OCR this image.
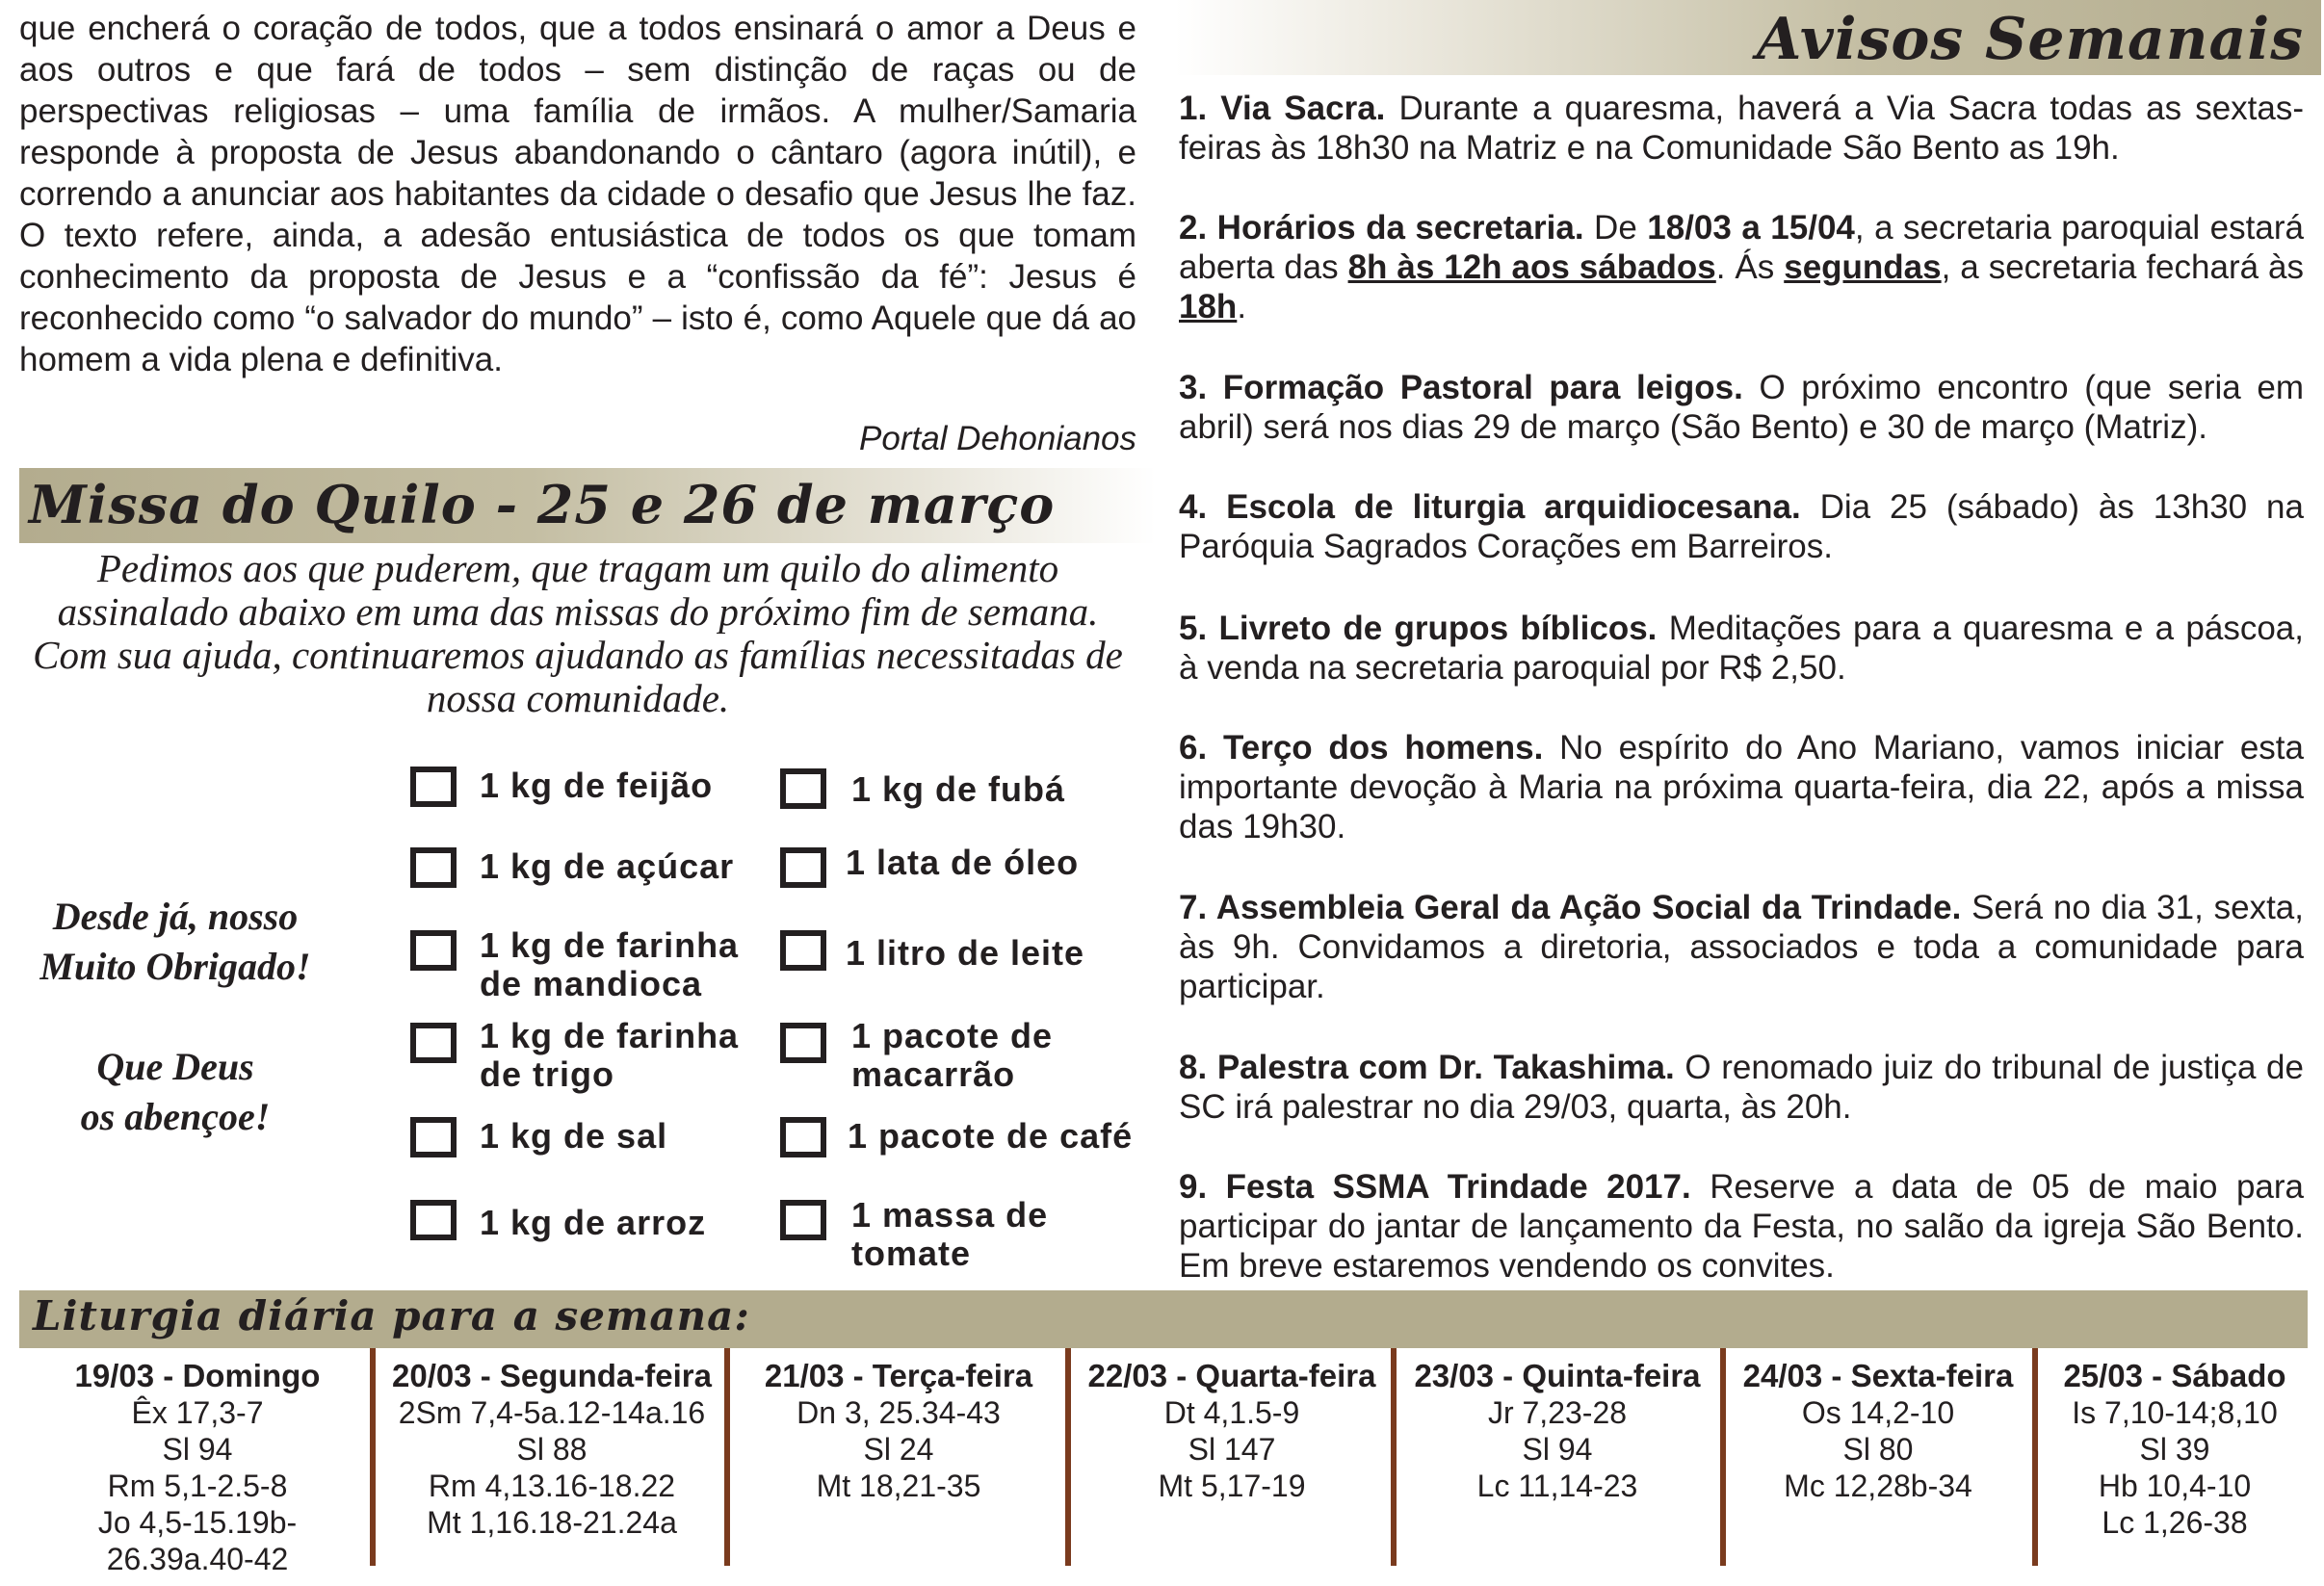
que encherá o coração de todos, que a todos ensinará o amor a Deus e aos outros e que fará de todos – sem distinção de raças ou de perspectivas religiosas – uma família de irmãos. A mulher/Samaria responde à proposta de Jesus abandonando o cântaro (agora inútil), e correndo a anunciar aos habitantes da cidade o desafio que Jesus lhe faz. O texto refere, ainda, a adesão entusiástica de todos os que tomam conhecimento da proposta de Jesus e a “confissão da fé”: Jesus é reconhecido como “o salvador do mundo” – isto é, como Aquele que dá ao homem a vida plena e definitiva.

Portal Dehonianos
Missa do Quilo - 25 e 26 de março
Pedimos aos que puderem, que tragam um quilo do alimento assinalado abaixo em uma das missas do próximo fim de semana. Com sua ajuda, continuaremos ajudando as famílias necessitadas de nossa comunidade.
Desde já, nosso
Muito Obrigado!
Que Deus
os abençoe!
1 kg de feijão
1 kg de açúcar
1 kg de farinha
de mandioca
1 kg de farinha
de trigo
1 kg de sal
1 kg de arroz
1 kg de fubá
1 lata de óleo
1 litro de leite
1 pacote de
macarrão
1 pacote de café
1 massa de
tomate
Avisos Semanais
1. Via Sacra. Durante a quaresma, haverá a Via Sacra todas as sextas-feiras às 18h30 na Matriz e na Comunidade São Bento as 19h.
2. Horários da secretaria. De 18/03 a 15/04, a secretaria paroquial estará aberta das 8h às 12h aos sábados. Ás segundas, a secretaria fechará às 18h.
3. Formação Pastoral para leigos. O próximo encontro (que seria em abril) será nos dias 29 de março (São Bento) e 30 de março (Matriz).
4. Escola de liturgia arquidiocesana. Dia 25 (sábado) às 13h30 na Paróquia Sagrados Corações em Barreiros.
5. Livreto de grupos bíblicos. Meditações para a quaresma e a páscoa, à venda na secretaria paroquial por R$ 2,50.
6. Terço dos homens. No espírito do Ano Mariano, vamos iniciar esta importante devoção à Maria na próxima quarta-feira, dia 22, após a missa das 19h30.
7. Assembleia Geral da Ação Social da Trindade. Será no dia 31, sexta, às 9h. Convidamos a diretoria, associados e toda a comunidade para participar.
8. Palestra com Dr. Takashima. O renomado juiz do tribunal de justiça de SC irá palestrar no dia 29/03, quarta, às 20h.
9. Festa SSMA Trindade 2017. Reserve a data de 05 de maio para participar do jantar de lançamento da Festa, no salão da igreja São Bento. Em breve estaremos vendendo os convites.
Liturgia diária para a semana:
19/03 - Domingo
Êx 17,3-7
Sl 94
Rm 5,1-2.5-8
Jo 4,5-15.19b-
26.39a.40-42
20/03 - Segunda-feira
2Sm 7,4-5a.12-14a.16
Sl 88
Rm 4,13.16-18.22
Mt 1,16.18-21.24a
21/03 - Terça-feira
Dn 3, 25.34-43
Sl 24
Mt 18,21-35
22/03 - Quarta-feira
Dt 4,1.5-9
Sl 147
Mt 5,17-19
23/03 - Quinta-feira
Jr 7,23-28
Sl 94
Lc 11,14-23
24/03 - Sexta-feira
Os 14,2-10
Sl 80
Mc 12,28b-34
25/03 - Sábado
Is 7,10-14;8,10
Sl 39
Hb 10,4-10
Lc 1,26-38
